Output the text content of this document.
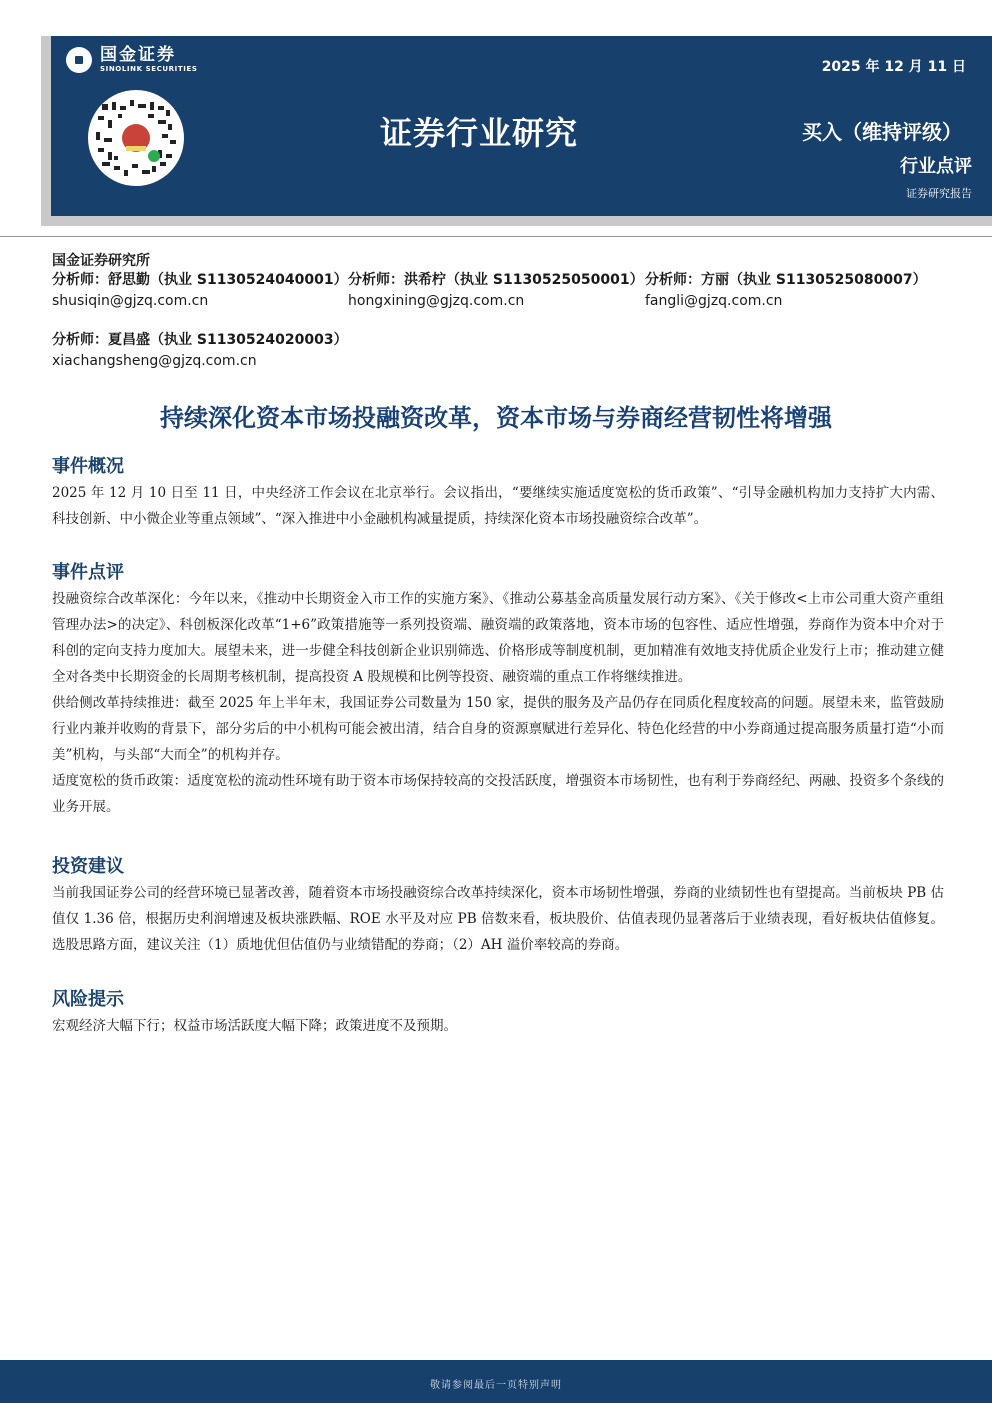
国金证券
SINOLINK SECURITIES	2025 年 12 月 11 日
证券行业研究	买入（维持评级）
行业点评
证券研究报告
国金证券研究所
分析师：舒思勤（执业 S1130524040001）
shusiqin@gjzq.com.cn
分析师：洪希柠（执业 S1130525050001）
hongxining@gjzq.com.cn
分析师：方丽（执业 S1130525080007）
fangli@gjzq.com.cn
分析师：夏昌盛（执业 S1130524020003）
xiachangsheng@gjzq.com.cn
持续深化资本市场投融资改革，资本市场与券商经营韧性将增强
事件概况

2025 年 12 月 10 日至 11 日，中央经济工作会议在北京举行。会议指出，“要继续实施适度宽松的货币政策”、“引导金融机构加力支持扩大内需、科技创新、中小微企业等重点领域”、“深入推进中小金融机构减量提质，持续深化资本市场投融资综合改革”。

事件点评

投融资综合改革深化：今年以来，《推动中长期资金入市工作的实施方案》、《推动公募基金高质量发展行动方案》、《关于修改<上市公司重大资产重组管理办法>的决定》、科创板深化改革“1+6”政策措施等一系列投资端、融资端的政策落地，资本市场的包容性、适应性增强，券商作为资本中介对于科创的定向支持力度加大。展望未来，进一步健全科技创新企业识别筛选、价格形成等制度机制，更加精准有效地支持优质企业发行上市；推动建立健全对各类中长期资金的长周期考核机制，提高投资 A 股规模和比例等投资、融资端的重点工作将继续推进。

供给侧改革持续推进：截至 2025 年上半年末，我国证券公司数量为 150 家，提供的服务及产品仍存在同质化程度较高的问题。展望未来，监管鼓励行业内兼并收购的背景下，部分劣后的中小机构可能会被出清，结合自身的资源禀赋进行差异化、特色化经营的中小券商通过提高服务质量打造“小而美”机构，与头部“大而全”的机构并存。

适度宽松的货币政策：适度宽松的流动性环境有助于资本市场保持较高的交投活跃度，增强资本市场韧性，也有利于券商经纪、两融、投资多个条线的业务开展。

投资建议

当前我国证券公司的经营环境已显著改善，随着资本市场投融资综合改革持续深化，资本市场韧性增强，券商的业绩韧性也有望提高。当前板块 PB 估值仅 1.36 倍，根据历史利润增速及板块涨跌幅、ROE 水平及对应 PB 倍数来看，板块股价、估值表现仍显著落后于业绩表现，看好板块估值修复。选股思路方面，建议关注（1）质地优但估值仍与业绩错配的券商；（2）AH 溢价率较高的券商。

风险提示

宏观经济大幅下行；权益市场活跃度大幅下降；政策进度不及预期。

敬请参阅最后一页特别声明
